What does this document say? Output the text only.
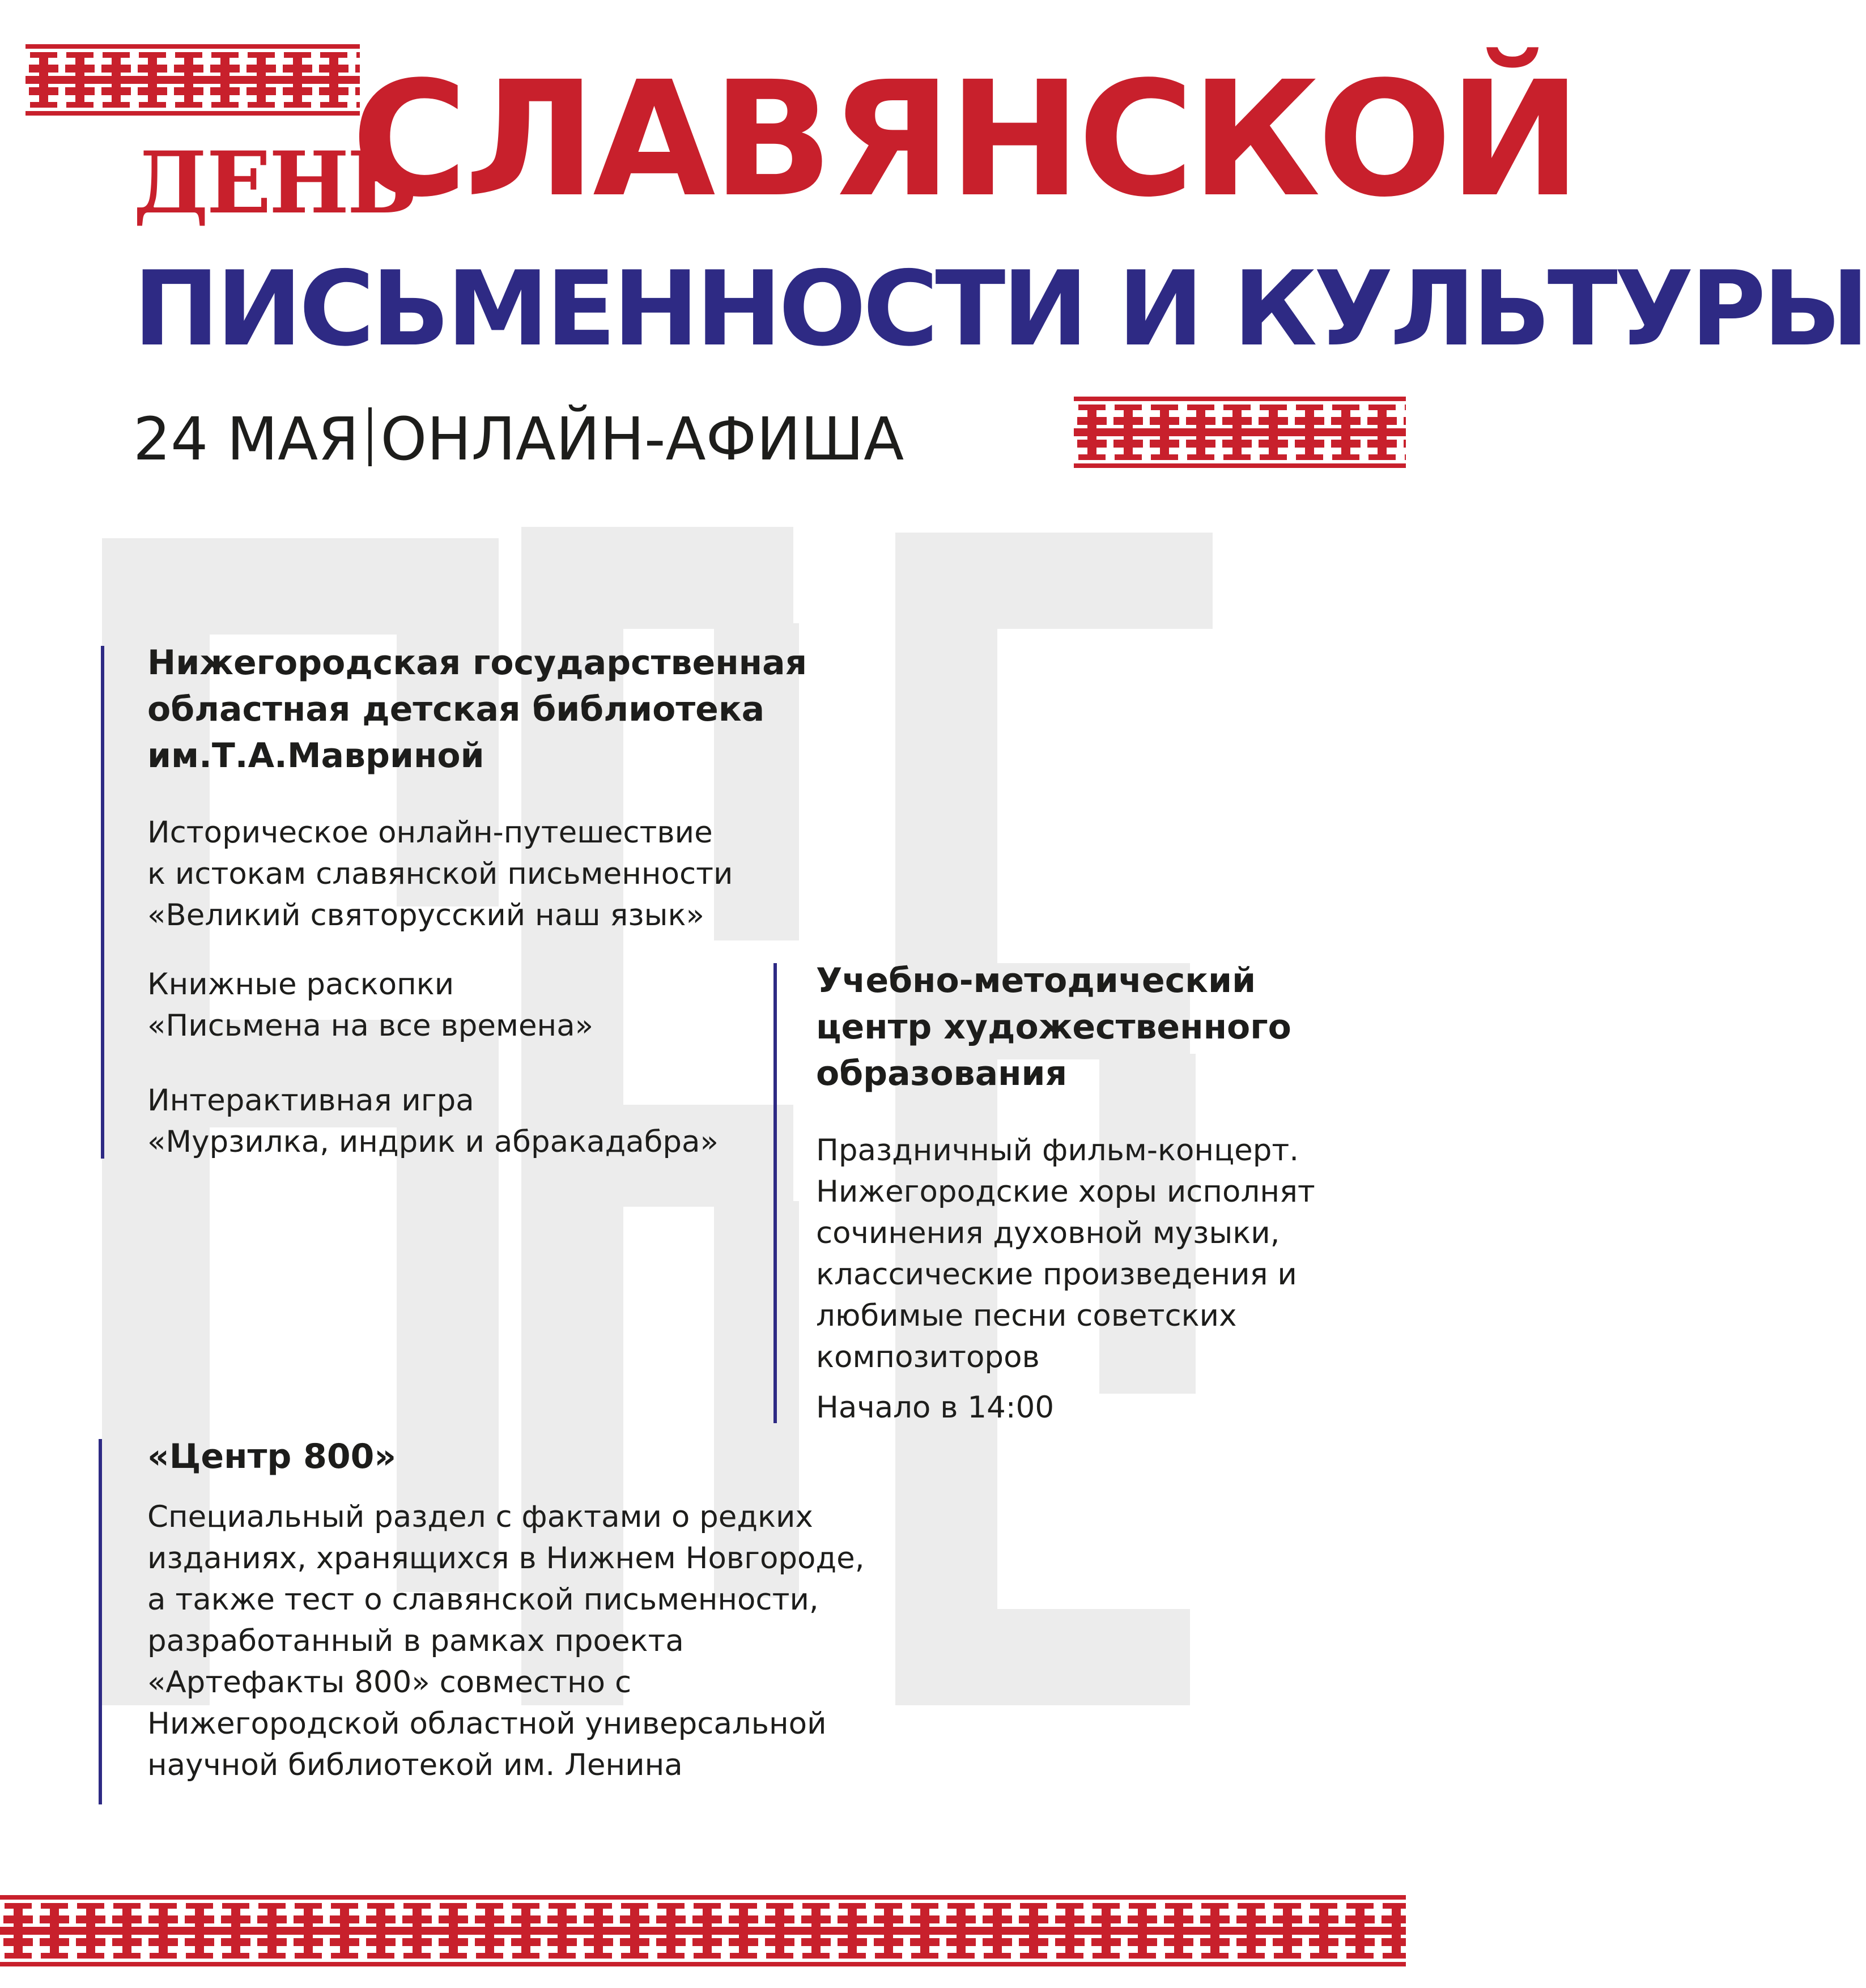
ДЕНЬ
СЛАВЯНСКОЙ
ПИСЬМЕННОСТИ И КУЛЬТУРЫ
24 МАЯ ОНЛАЙН-АФИША
Нижегородская государственная
областная детская библиотека
им.Т.А.Мавриной
Историческое онлайн-путешествие
к истокам славянской письменности
«Великий святорусский наш язык»
Книжные раскопки
«Письмена на все времена»
Интерактивная игра
«Мурзилка, индрик и абракадабра»
Учебно-методический
центр художественного
образования
Праздничный фильм-концерт.
Нижегородские хоры исполнят
сочинения духовной музыки,
классические произведения и
любимые песни советских
композиторов
Начало в 14:00
«Центр 800»
Специальный раздел с фактами о редких
изданиях, хранящихся в Нижнем Новгороде,
а также тест о славянской письменности,
разработанный в рамках проекта
«Артефакты 800» совместно с
Нижегородской областной универсальной
научной библиотекой им. Ленина
